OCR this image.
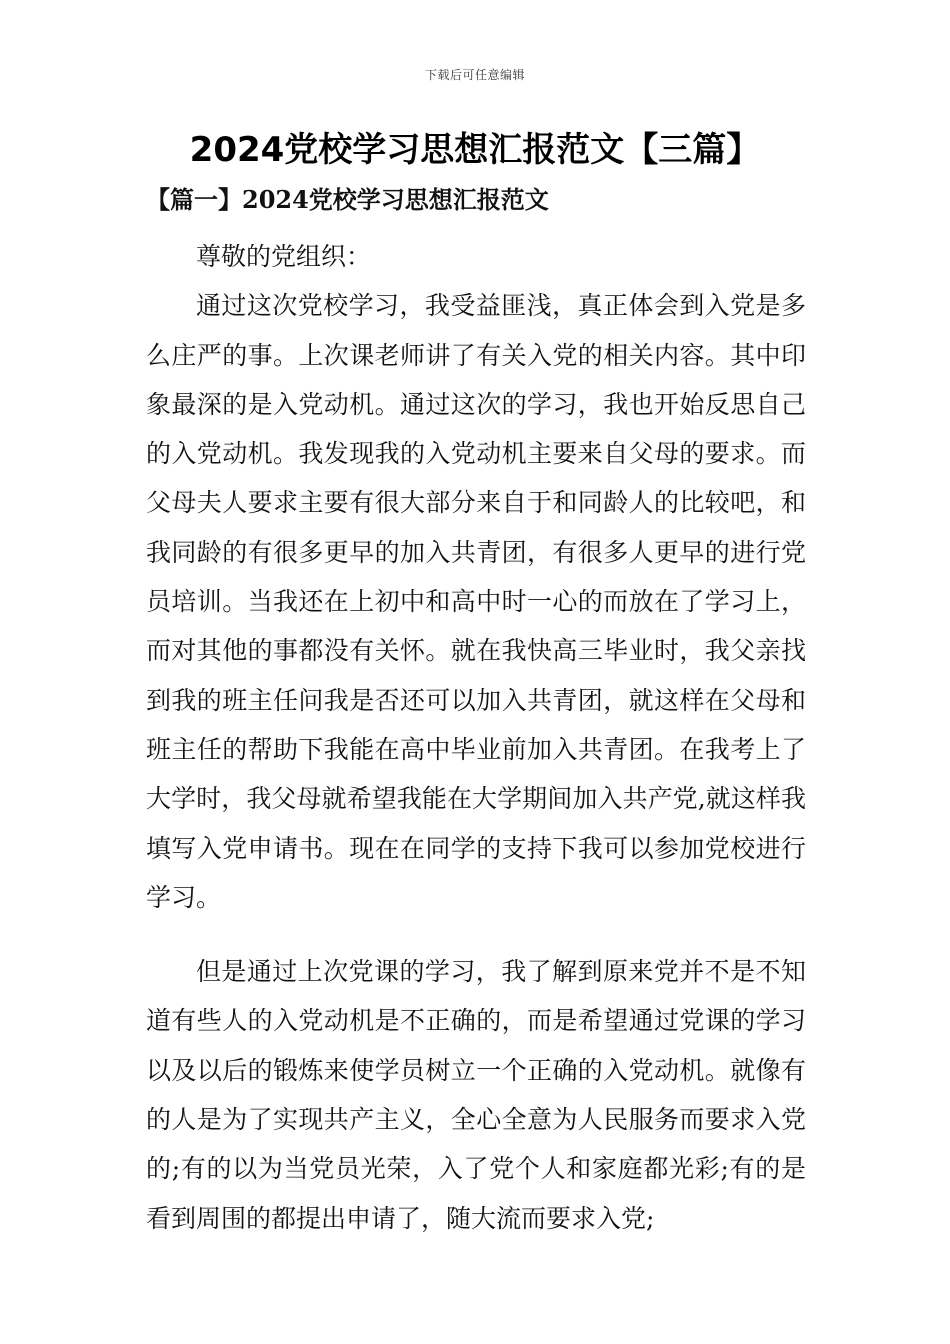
下载后可任意编辑
2024党校学习思想汇报范文【三篇】
【篇一】2024党校学习思想汇报范文

尊敬的党组织：

通过这次党校学习，我受益匪浅，真正体会到入党是多么庄严的事。上次课老师讲了有关入党的相关内容。其中印象最深的是入党动机。通过这次的学习，我也开始反思自己的入党动机。我发现我的入党动机主要来自父母的要求。而父母夫人要求主要有很大部分来自于和同龄人的比较吧，和我同龄的有很多更早的加入共青团，有很多人更早的进行党员培训。当我还在上初中和高中时一心的而放在了学习上，而对其他的事都没有关怀。就在我快高三毕业时，我父亲找到我的班主任问我是否还可以加入共青团，就这样在父母和班主任的帮助下我能在高中毕业前加入共青团。在我考上了大学时，我父母就希望我能在大学期间加入共产党,就这样我填写入党申请书。现在在同学的支持下我可以参加党校进行学习。

但是通过上次党课的学习，我了解到原来党并不是不知道有些人的入党动机是不正确的，而是希望通过党课的学习以及以后的锻炼来使学员树立一个正确的入党动机。就像有的人是为了实现共产主义，全心全意为人民服务而要求入党的;有的以为当党员光荣，入了党个人和家庭都光彩;有的是看到周围的都提出申请了，随大流而要求入党;
